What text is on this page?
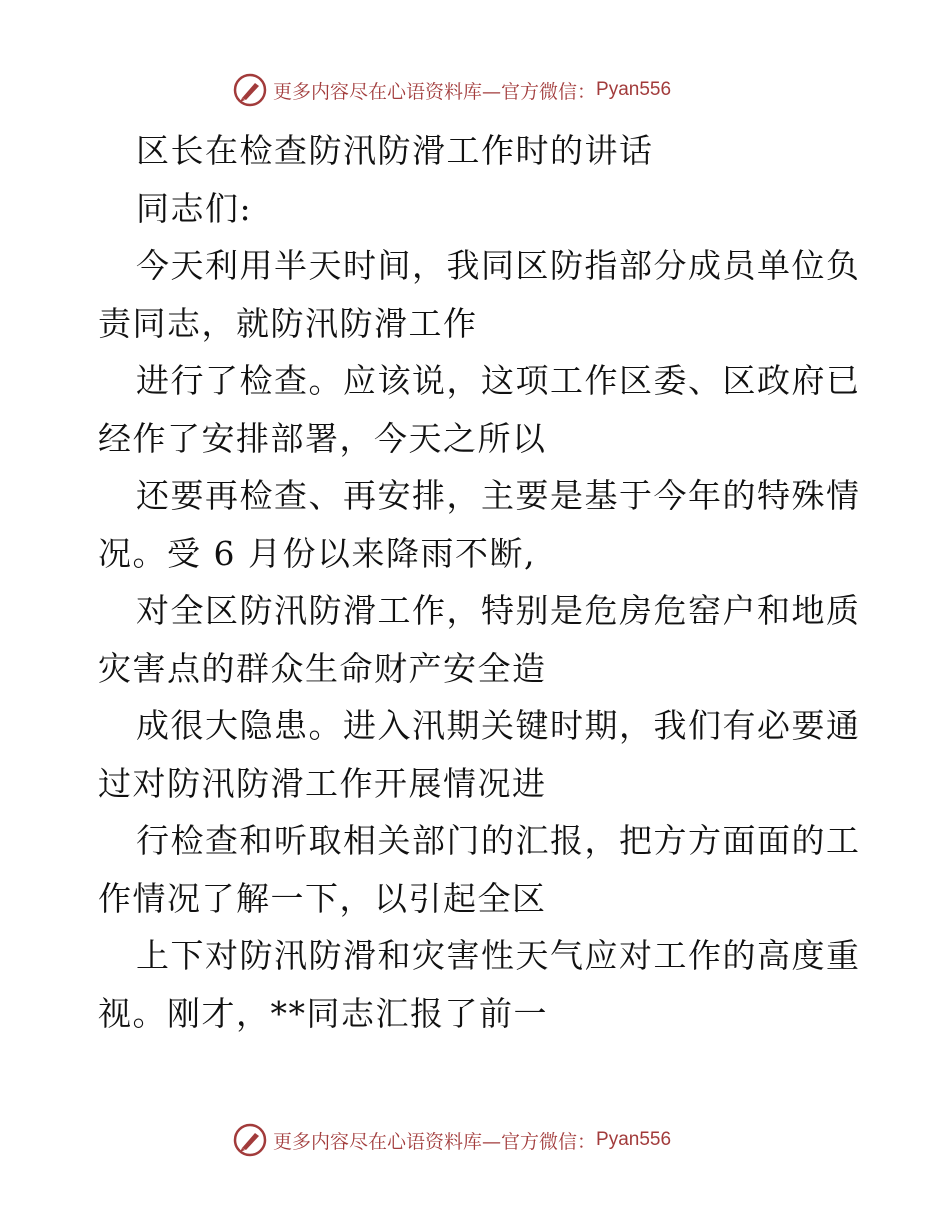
更多内容尽在心语资料库—官方微信： Pyan556
区长在检查防汛防滑工作时的讲话
同志们:
今天利用半天时间，我同区防指部分成员单位负
责同志，就防汛防滑工作
进行了检查。应该说，这项工作区委、区政府已
经作了安排部署，今天之所以
还要再检查、再安排，主要是基于今年的特殊情
况。受 6 月份以来降雨不断,
对全区防汛防滑工作，特别是危房危窑户和地质
灾害点的群众生命财产安全造
成很大隐患。进入汛期关键时期，我们有必要通
过对防汛防滑工作开展情况进
行检查和听取相关部门的汇报，把方方面面的工
作情况了解一下，以引起全区
上下对防汛防滑和灾害性天气应对工作的高度重
视。刚才，**同志汇报了前一
更多内容尽在心语资料库—官方微信： Pyan556
